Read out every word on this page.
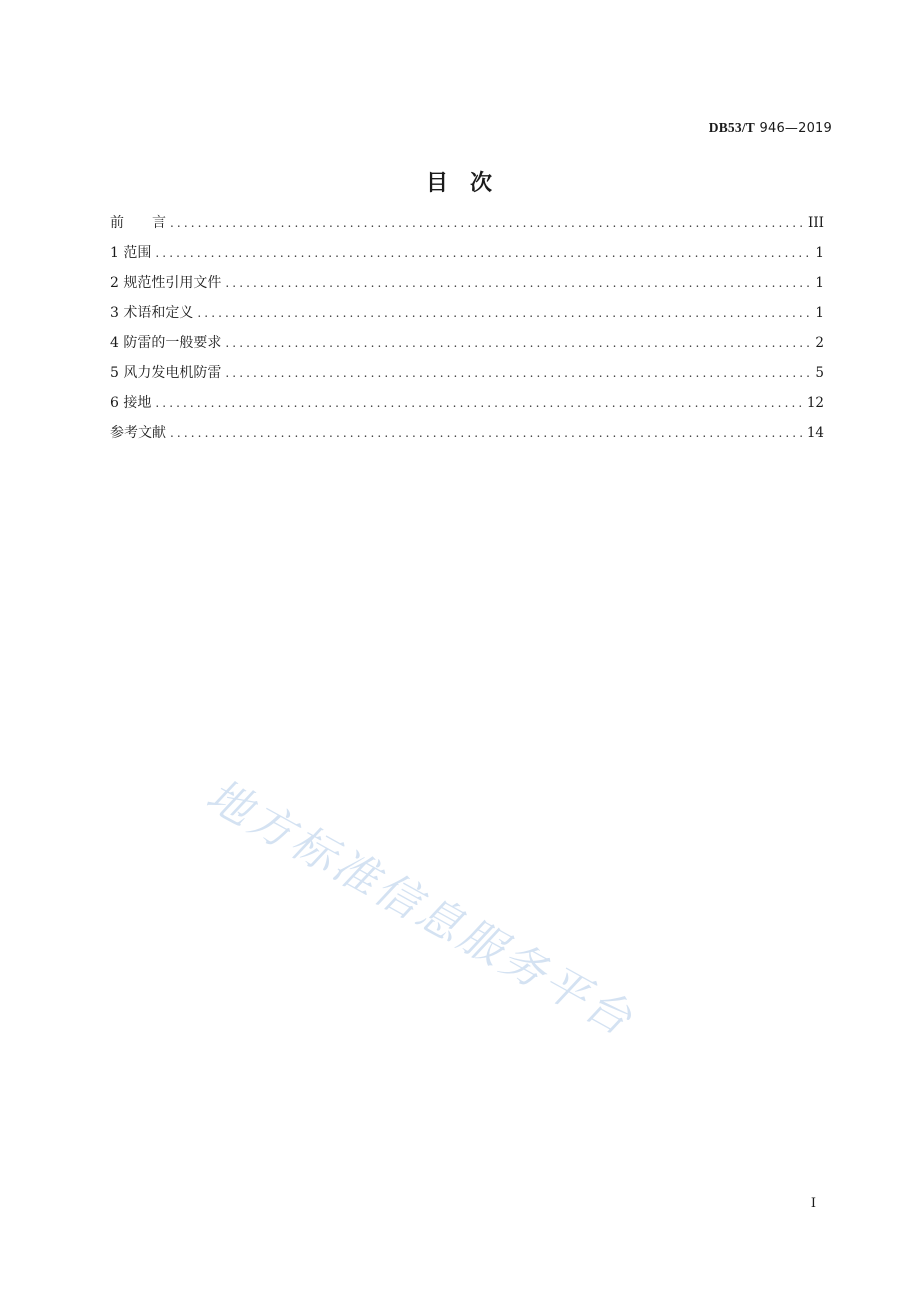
DB53/T 946—2019
目 次
前　　言 .....	III
1 范围 .....	1
2 规范性引用文件 .....	1
3 术语和定义 .....	1
4 防雷的一般要求 .....	2
5 风力发电机防雷 .....	5
6 接地 .....	12
参考文献 .....	14
地方标准信息服务平台
I
